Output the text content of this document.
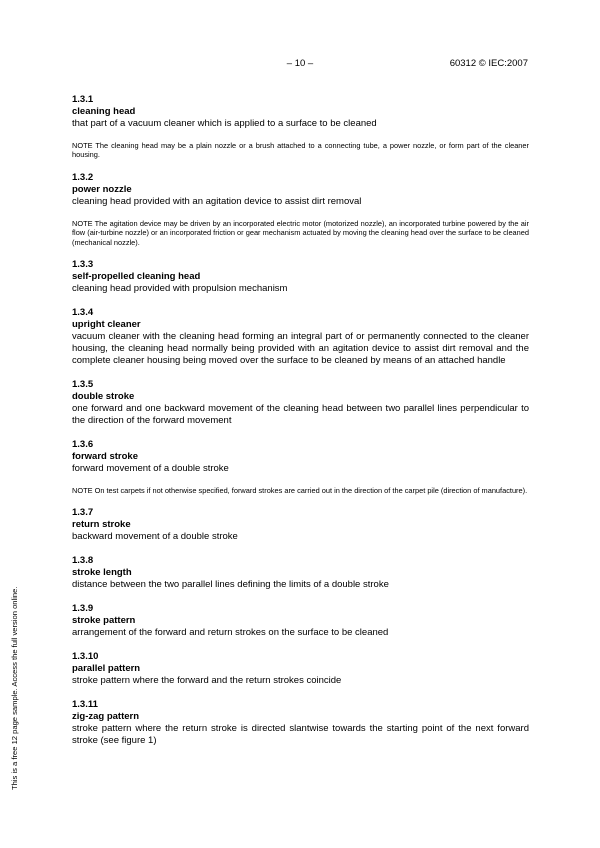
– 10 –	60312 © IEC:2007
1.3.1
cleaning head
that part of a vacuum cleaner which is applied to a surface to be cleaned
NOTE The cleaning head may be a plain nozzle or a brush attached to a connecting tube, a power nozzle, or form part of the cleaner housing.
1.3.2
power nozzle
cleaning head provided with an agitation device to assist dirt removal
NOTE The agitation device may be driven by an incorporated electric motor (motorized nozzle), an incorporated turbine powered by the air flow (air-turbine nozzle) or an incorporated friction or gear mechanism actuated by moving the cleaning head over the surface to be cleaned (mechanical nozzle).
1.3.3
self-propelled cleaning head
cleaning head provided with propulsion mechanism
1.3.4
upright cleaner
vacuum cleaner with the cleaning head forming an integral part of or permanently connected to the cleaner housing, the cleaning head normally being provided with an agitation device to assist dirt removal and the complete cleaner housing being moved over the surface to be cleaned by means of an attached handle
1.3.5
double stroke
one forward and one backward movement of the cleaning head between two parallel lines perpendicular to the direction of the forward movement
1.3.6
forward stroke
forward movement of a double stroke
NOTE On test carpets if not otherwise specified, forward strokes are carried out in the direction of the carpet pile (direction of manufacture).
1.3.7
return stroke
backward movement of a double stroke
1.3.8
stroke length
distance between the two parallel lines defining the limits of a double stroke
1.3.9
stroke pattern
arrangement of the forward and return strokes on the surface to be cleaned
1.3.10
parallel pattern
stroke pattern where the forward and the return strokes coincide
1.3.11
zig-zag pattern
stroke pattern where the return stroke is directed slantwise towards the starting point of the next forward stroke (see figure 1)
This is a free 12 page sample. Access the full version online.
